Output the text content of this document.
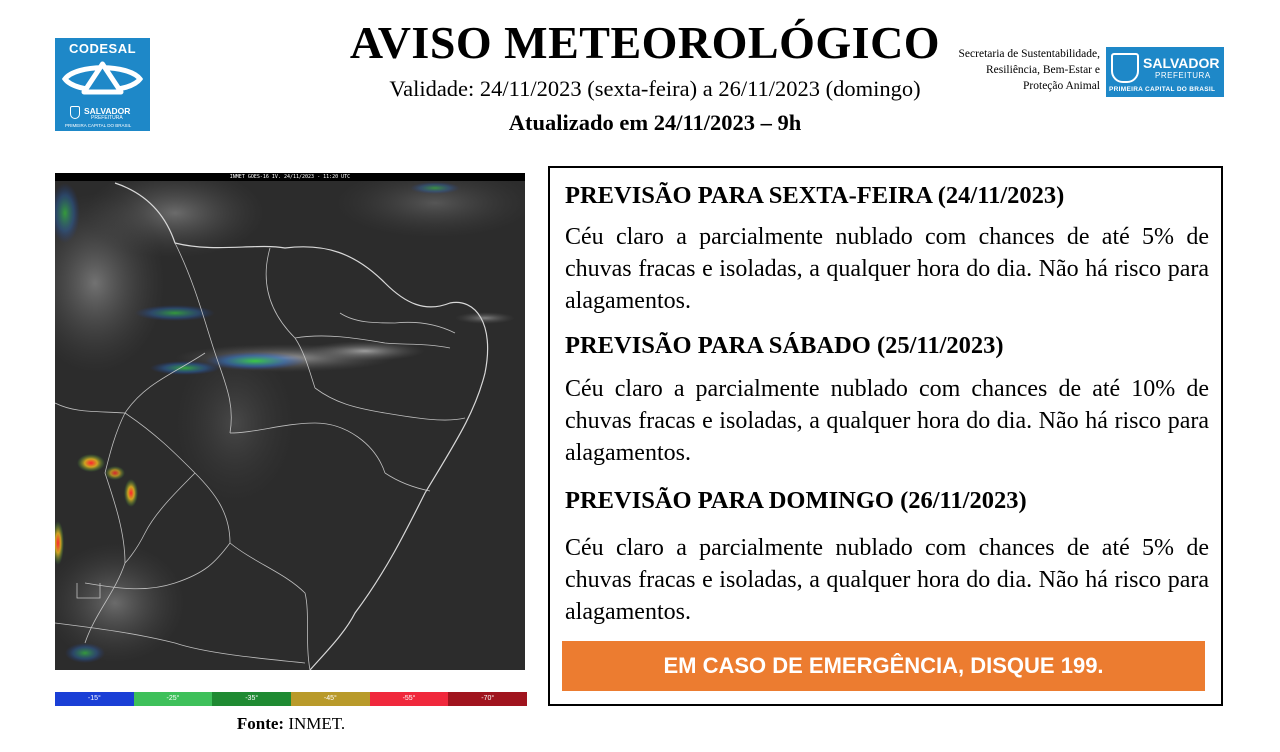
CODESAL
SALVADOR
PREFEITURA
PRIMEIRA CAPITAL DO BRASIL
AVISO METEOROLÓGICO
Validade: 24/11/2023 (sexta-feira) a 26/11/2023 (domingo)
Atualizado em 24/11/2023 – 9h
Secretaria de Sustentabilidade,
Resiliência, Bem-Estar e
Proteção Animal
SALVADOR
PREFEITURA
PRIMEIRA CAPITAL DO BRASIL
INMET GOES-16 IV. 24/11/2023 - 11:20 UTC
-15°	-25°	-35°	-45°	-55°	-70°
Fonte: INMET.
PREVISÃO PARA SEXTA-FEIRA (24/11/2023)
Céu claro a parcialmente nublado com chances de até 5% de chuvas fracas e isoladas, a qualquer hora do dia. Não há risco para alagamentos.
PREVISÃO PARA SÁBADO (25/11/2023)
Céu claro a parcialmente nublado com chances de até 10% de chuvas fracas e isoladas, a qualquer hora do dia. Não há risco para alagamentos.
PREVISÃO PARA DOMINGO (26/11/2023)
Céu claro a parcialmente nublado com chances de até 5% de chuvas fracas e isoladas, a qualquer hora do dia. Não há risco para alagamentos.
EM CASO DE EMERGÊNCIA, DISQUE 199.
